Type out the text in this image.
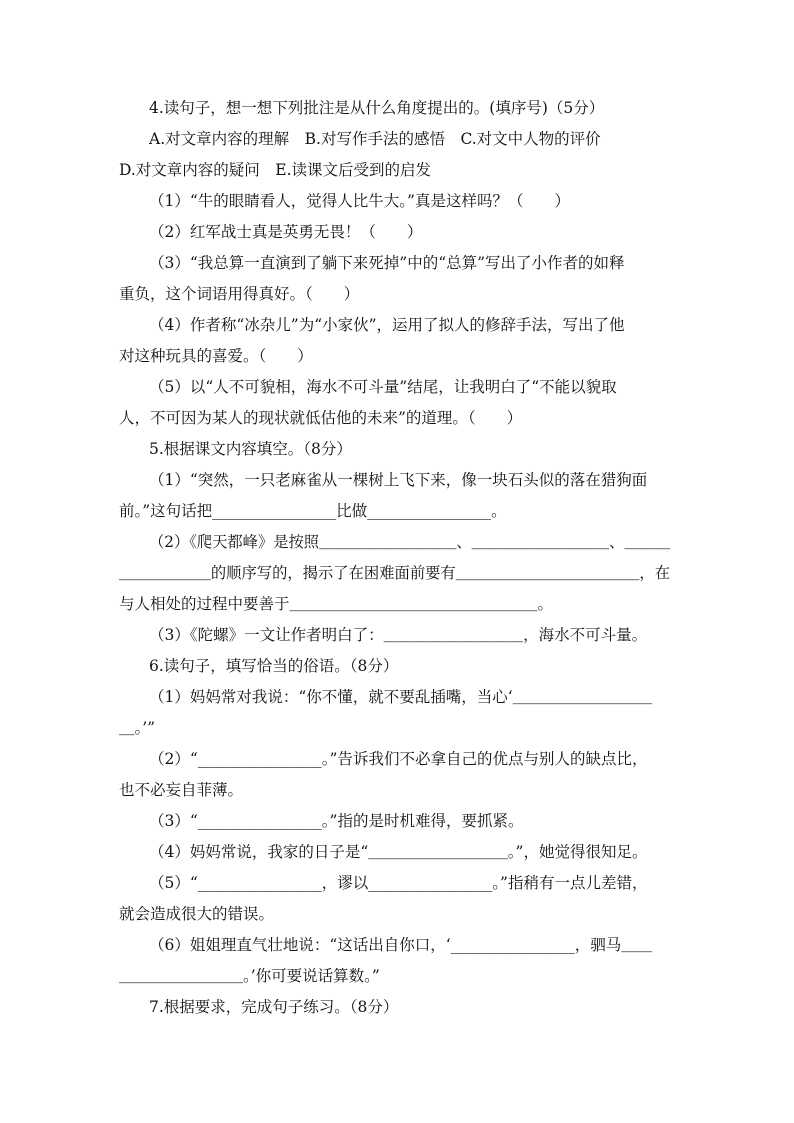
4.读句子，想一想下列批注是从什么角度提出的。(填序号)（5分）
A.对文章内容的理解　B.对写作手法的感悟　C.对文中人物的评价
D.对文章内容的疑问　E.读课文后受到的启发
（1）“牛的眼睛看人，觉得人比牛大。”真是这样吗？（　　）
（2）红军战士真是英勇无畏！（　　）
（3）“我总算一直演到了躺下来死掉”中的“总算”写出了小作者的如释
重负，这个词语用得真好。（　　）
（4）作者称“冰杂儿”为“小家伙”，运用了拟人的修辞手法，写出了他
对这种玩具的喜爱。（　　）
（5）以“人不可貌相，海水不可斗量”结尾，让我明白了“不能以貌取
人，不可因为某人的现状就低估他的未来”的道理。（　　）
5.根据课文内容填空。（8分）
（1）“突然，一只老麻雀从一棵树上飞下来，像一块石头似的落在猎狗面
前。”这句话把________________比做________________。
（2）《爬天都峰》是按照＿＿＿＿＿＿＿＿＿、＿＿＿＿＿＿＿＿＿、＿＿＿
＿＿＿＿＿＿的顺序写的，揭示了在困难面前要有＿＿＿＿＿＿＿＿＿＿＿＿，在
与人相处的过程中要善于＿＿＿＿＿＿＿＿＿＿＿＿＿＿＿＿。
（3）《陀螺》一文让作者明白了：＿＿＿＿＿＿＿＿＿，海水不可斗量。
6.读句子，填写恰当的俗语。（8分）
（1）妈妈常对我说：“你不懂，就不要乱插嘴，当心‘＿＿＿＿＿＿＿＿＿
＿。’”
（2）“________________。”告诉我们不必拿自己的优点与别人的缺点比，
也不必妄自菲薄。
（3）“________________。”指的是时机难得，要抓紧。
（4）妈妈常说，我家的日子是“＿＿＿＿＿＿＿＿＿。”，她觉得很知足。
（5）“________________，谬以________________。”指稍有一点儿差错，
就会造成很大的错误。
（6）姐姐理直气壮地说：“这话出自你口，‘________________，驷马＿＿
＿＿＿＿＿＿＿＿。’你可要说话算数。”
7.根据要求，完成句子练习。（8分）
